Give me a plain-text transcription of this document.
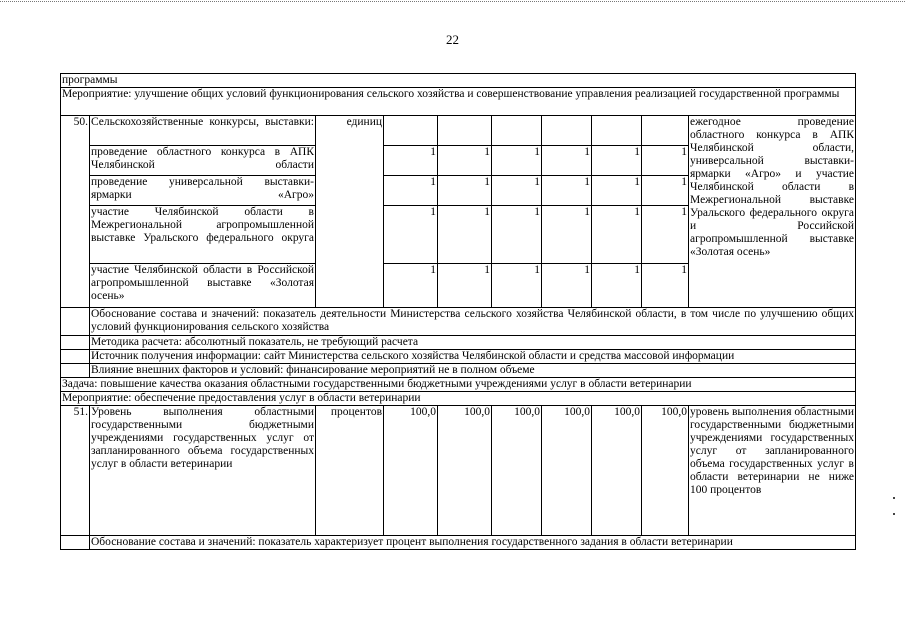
22
программы									
Мероприятие: улучшение общих условий функционирования сельского хозяйства и совершенствование управления реализацией государственной программы									
50.	Сельскохозяйственные конкурсы, выставки:	единиц							ежегодное проведение областного конкурса в АПК Челябинской области, универсальной выставки-ярмарки «Агро» и участие Челябинской области в Межрегиональной выставке Уральского федерального округа и Российской агропромышленной выставке «Золотая осень»
	проведение областного конкурса в АПК Челябинской области		1	1	1	1	1	1	
	проведение универсальной выставки-ярмарки «Агро»		1	1	1	1	1	1	
	участие Челябинской области в Межрегиональной агропромышленной выставке Уральского федерального округа		1	1	1	1	1	1	
	участие Челябинской области в Российской агропромышленной выставке «Золотая осень»		1	1	1	1	1	1	
	Обоснование состава и значений: показатель деятельности Министерства сельского хозяйства Челябинской области, в том числе по улучшению общих условий функционирования сельского хозяйства								
	Методика расчета: абсолютный показатель, не требующий расчета								
	Источник получения информации: сайт Министерства сельского хозяйства Челябинской области и средства массовой информации								
	Влияние внешних факторов и условий: финансирование мероприятий не в полном объеме								
Задача: повышение качества оказания областными государственными бюджетными учреждениями услуг в области ветеринарии									
Мероприятие: обеспечение предоставления услуг в области ветеринарии									
51.	Уровень выполнения областными государственными бюджетными учреждениями государственных услуг от запланированного объема государственных услуг в области ветеринарии	процентов	100,0	100,0	100,0	100,0	100,0	100,0	уровень выполнения областными государственными бюджетными учреждениями государственных услуг от запланированного объема государственных услуг в области ветеринарии не ниже 100 процентов
	Обоснование состава и значений: показатель характеризует процент выполнения государственного задания в области ветеринарии								
